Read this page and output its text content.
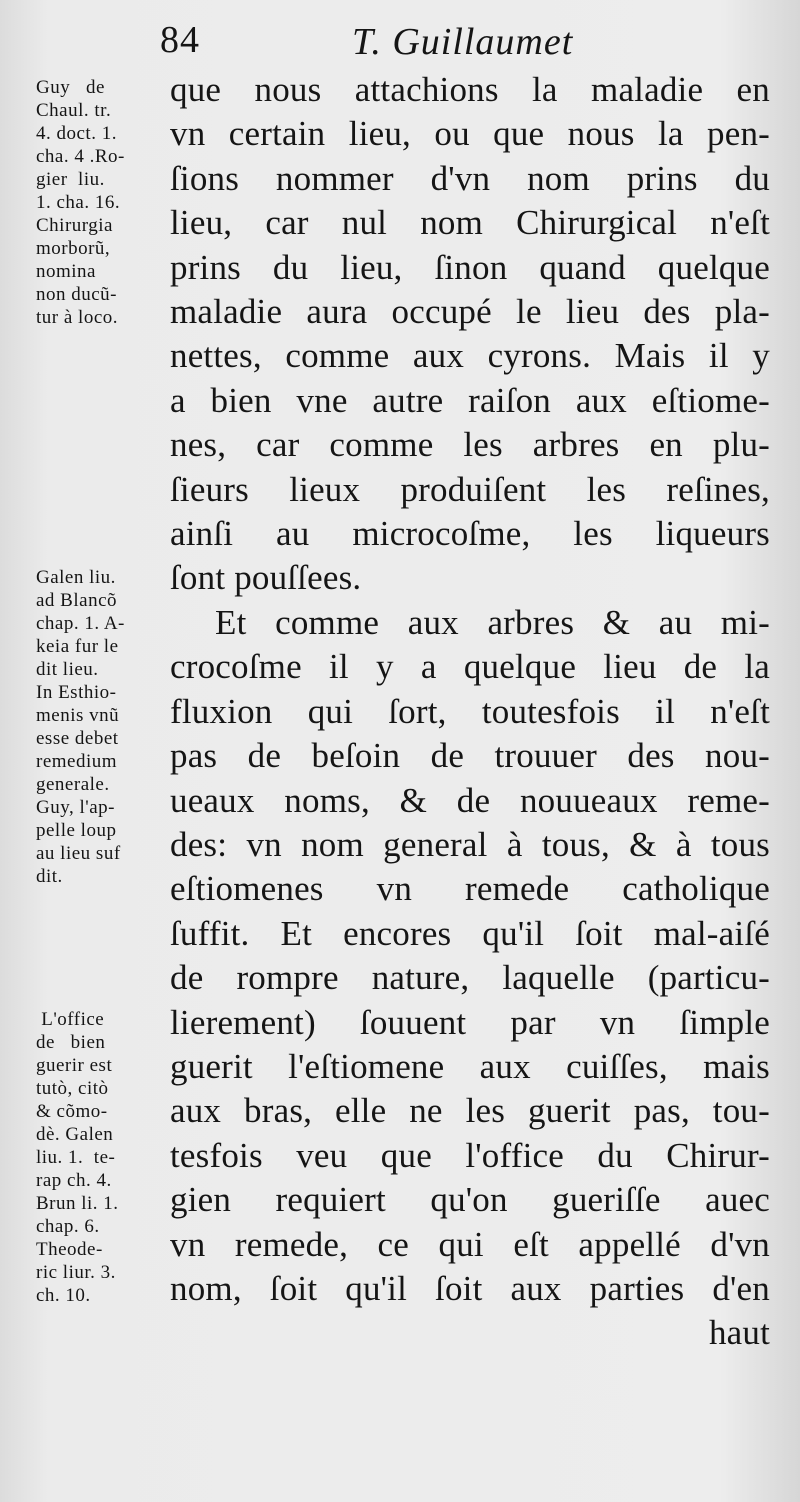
84	T. Guillaumet
Guy   de
Chaul. tr.
4. doct. 1.
cha. 4 .Ro-
gier  liu.
1. cha. 16.
Chirurgia
morborũ,
nomina
non ducũ-
tur à loco.
Galen liu.
ad Blancõ
chap. 1. A-
keia fur le
dit lieu.
In Esthio-
menis vnũ
esse debet
remedium
generale.
Guy, l'ap-
pelle loup
au lieu suf
dit.
L'office
de   bien
guerir est
tutò, citò
& cõmo-
dè. Galen
liu. 1.  te-
rap ch. 4.
Brun li. 1.
chap. 6.
Theode-
ric liur. 3.
ch. 10.
que nous attachions la maladie en
vn certain lieu, ou que nous la pen-
ſions nommer d'vn nom prins du
lieu, car nul nom Chirurgical n'eſt
prins du lieu, ſinon quand quelque
maladie aura occupé le lieu des pla-
nettes, comme aux cyrons. Mais il y
a bien vne autre raiſon aux eſtiome-
nes, car comme les arbres en plu-
ſieurs lieux produiſent les reſines,
ainſi au microcoſme, les liqueurs
ſont pouſſees.
Et comme aux arbres & au mi-
crocoſme il y a quelque lieu de la
fluxion qui ſort, toutesfois il n'eſt
pas de beſoin de trouuer des nou-
ueaux noms, & de nouueaux reme-
des: vn nom general à tous, & à tous
eſtiomenes vn remede catholique
ſuffit. Et encores qu'il ſoit mal-aiſé
de rompre nature, laquelle (particu-
lierement) ſouuent par vn ſimple
guerit l'eſtiomene aux cuiſſes, mais
aux bras, elle ne les guerit pas, tou-
tesfois veu que l'office du Chirur-
gien requiert qu'on gueriſſe auec
vn remede, ce qui eſt appellé d'vn
nom, ſoit qu'il ſoit aux parties d'en
haut
